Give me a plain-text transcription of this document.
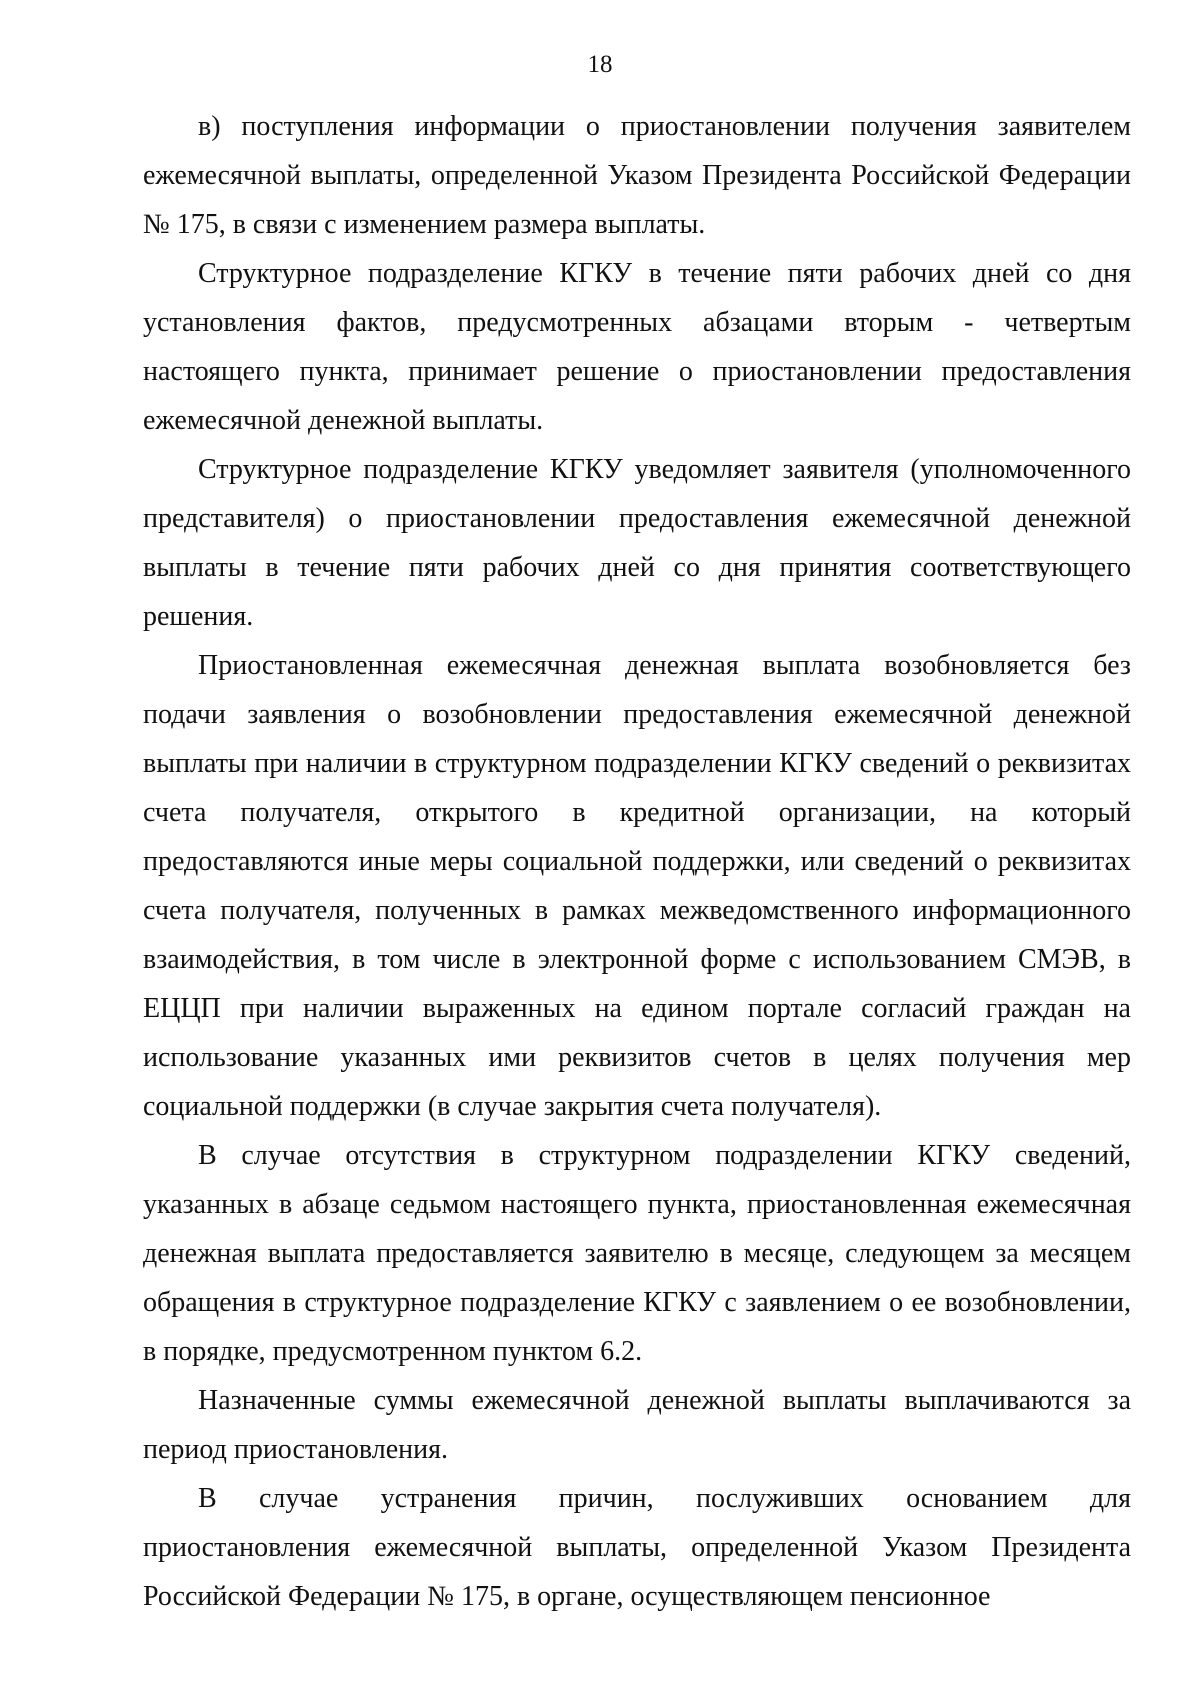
18

в) поступления информации о приостановлении получения заявителем ежемесячной выплаты, определенной Указом Президента Российской Федерации № 175, в связи с изменением размера выплаты.

Структурное подразделение КГКУ в течение пяти рабочих дней со дня установления фактов, предусмотренных абзацами вторым - четвертым настоящего пункта, принимает решение о приостановлении предоставления ежемесячной денежной выплаты.

Структурное подразделение КГКУ уведомляет заявителя (уполномоченного представителя) о приостановлении предоставления ежемесячной денежной выплаты в течение пяти рабочих дней со дня принятия соответствующего решения.

Приостановленная ежемесячная денежная выплата возобновляется без подачи заявления о возобновлении предоставления ежемесячной денежной выплаты при наличии в структурном подразделении КГКУ сведений о реквизитах счета получателя, открытого в кредитной организации, на который предоставляются иные меры социальной поддержки, или сведений о реквизитах счета получателя, полученных в рамках межведомственного информационного взаимодействия, в том числе в электронной форме с использованием СМЭВ, в ЕЦЦП при наличии выраженных на едином портале согласий граждан на использование указанных ими реквизитов счетов в целях получения мер социальной поддержки (в случае закрытия счета получателя).

В случае отсутствия в структурном подразделении КГКУ сведений, указанных в абзаце седьмом настоящего пункта, приостановленная ежемесячная денежная выплата предоставляется заявителю в месяце, следующем за месяцем обращения в структурное подразделение КГКУ с заявлением о ее возобновлении, в порядке, предусмотренном пунктом 6.2.

Назначенные суммы ежемесячной денежной выплаты выплачиваются за период приостановления.

В случае устранения причин, послуживших основанием для приостановления ежемесячной выплаты, определенной Указом Президента Российской Федерации № 175, в органе, осуществляющем пенсионное
